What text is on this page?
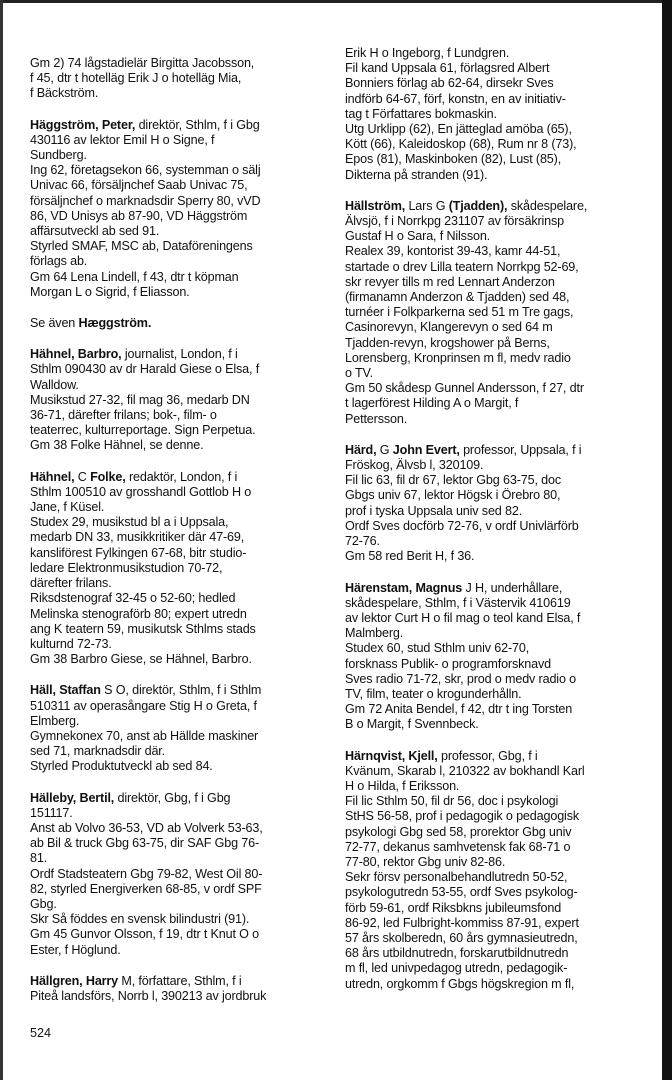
Gm 2) 74 lågstadielär Birgitta Jacobsson,
f 45, dtr t hotelläg Erik J o hotelläg Mia,
f Bäckström.
Häggström, Peter, direktör, Sthlm, f i Gbg
430116 av lektor Emil H o Signe, f
Sundberg.
Ing 62, företagsekon 66, systemman o sälj
Univac 66, försäljnchef Saab Univac 75,
försäljnchef o marknadsdir Sperry 80, vVD
86, VD Unisys ab 87-90, VD Häggström
affärsutveckl ab sed 91.
Styrled SMAF, MSC ab, Dataföreningens
förlags ab.
Gm 64 Lena Lindell, f 43, dtr t köpman
Morgan L o Sigrid, f Eliasson.
Se även Hæggström.
Hähnel, Barbro, journalist, London, f i
Sthlm 090430 av dr Harald Giese o Elsa, f
Walldow.
Musikstud 27-32, fil mag 36, medarb DN
36-71, därefter frilans; bok-, film- o
teaterrec, kulturreportage. Sign Perpetua.
Gm 38 Folke Hähnel, se denne.
Hähnel, C Folke, redaktör, London, f i
Sthlm 100510 av grosshandl Gottlob H o
Jane, f Küsel.
Studex 29, musikstud bl a i Uppsala,
medarb DN 33, musikkritiker där 47-69,
kansliförest Fylkingen 67-68, bitr studio-
ledare Elektronmusikstudion 70-72,
därefter frilans.
Riksdstenograf 32-45 o 52-60; hedled
Melinska stenograförb 80; expert utredn
ang K teatern 59, musikutsk Sthlms stads
kulturnd 72-73.
Gm 38 Barbro Giese, se Hähnel, Barbro.
Häll, Staffan S O, direktör, Sthlm, f i Sthlm
510311 av operasångare Stig H o Greta, f
Elmberg.
Gymnekonex 70, anst ab Hällde maskiner
sed 71, marknadsdir där.
Styrled Produktutveckl ab sed 84.
Hälleby, Bertil, direktör, Gbg, f i Gbg
151117.
Anst ab Volvo 36-53, VD ab Volverk 53-63,
ab Bil & truck Gbg 63-75, dir SAF Gbg 76-
81.
Ordf Stadsteatern Gbg 79-82, West Oil 80-
82, styrled Energiverken 68-85, v ordf SPF
Gbg.
Skr Så föddes en svensk bilindustri (91).
Gm 45 Gunvor Olsson, f 19, dtr t Knut O o
Ester, f Höglund.
Hällgren, Harry M, författare, Sthlm, f i
Piteå landsförs, Norrb l, 390213 av jordbruk
Erik H o Ingeborg, f Lundgren.
Fil kand Uppsala 61, förlagsred Albert
Bonniers förlag ab 62-64, dirsekr Sves
indförb 64-67, förf, konstn, en av initiativ-
tag t Författares bokmaskin.
Utg Urklipp (62), En jätteglad amöba (65),
Kött (66), Kaleidoskop (68), Rum nr 8 (73),
Epos (81), Maskinboken (82), Lust (85),
Dikterna på stranden (91).
Hällström, Lars G (Tjadden), skådespelare,
Älvsjö, f i Norrkpg 231107 av försäkrinsp
Gustaf H o Sara, f Nilsson.
Realex 39, kontorist 39-43, kamr 44-51,
startade o drev Lilla teatern Norrkpg 52-69,
skr revyer tills m red Lennart Anderzon
(firmanamn Anderzon & Tjadden) sed 48,
turnéer i Folkparkerna sed 51 m Tre gags,
Casinorevyn, Klangerevyn o sed 64 m
Tjadden-revyn, krogshower på Berns,
Lorensberg, Kronprinsen m fl, medv radio
o TV.
Gm 50 skådesp Gunnel Andersson, f 27, dtr
t lagerförest Hilding A o Margit, f
Pettersson.
Härd, G John Evert, professor, Uppsala, f i
Fröskog, Älvsb l, 320109.
Fil lic 63, fil dr 67, lektor Gbg 63-75, doc
Gbgs univ 67, lektor Högsk i Örebro 80,
prof i tyska Uppsala univ sed 82.
Ordf Sves docförb 72-76, v ordf Univlärförb
72-76.
Gm 58 red Berit H, f 36.
Härenstam, Magnus J H, underhållare,
skådespelare, Sthlm, f i Västervik 410619
av lektor Curt H o fil mag o teol kand Elsa, f
Malmberg.
Studex 60, stud Sthlm univ 62-70,
forsknass Publik- o programforsknavd
Sves radio 71-72, skr, prod o medv radio o
TV, film, teater o krogunderhålln.
Gm 72 Anita Bendel, f 42, dtr t ing Torsten
B o Margit, f Svennbeck.
Härnqvist, Kjell, professor, Gbg, f i
Kvänum, Skarab l, 210322 av bokhandl Karl
H o Hilda, f Eriksson.
Fil lic Sthlm 50, fil dr 56, doc i psykologi
StHS 56-58, prof i pedagogik o pedagogisk
psykologi Gbg sed 58, prorektor Gbg univ
72-77, dekanus samhvetensk fak 68-71 o
77-80, rektor Gbg univ 82-86.
Sekr försv personalbehandlutredn 50-52,
psykologutredn 53-55, ordf Sves psykolog-
förb 59-61, ordf Riksbkns jubileumsfond
86-92, led Fulbright-kommiss 87-91, expert
57 års skolberedn, 60 års gymnasieutredn,
68 års utbildnutredn, forskarutbildnutredn
m fl, led univpedagog utredn, pedagogik-
utredn, orgkomm f Gbgs högskregion m fl,
524
